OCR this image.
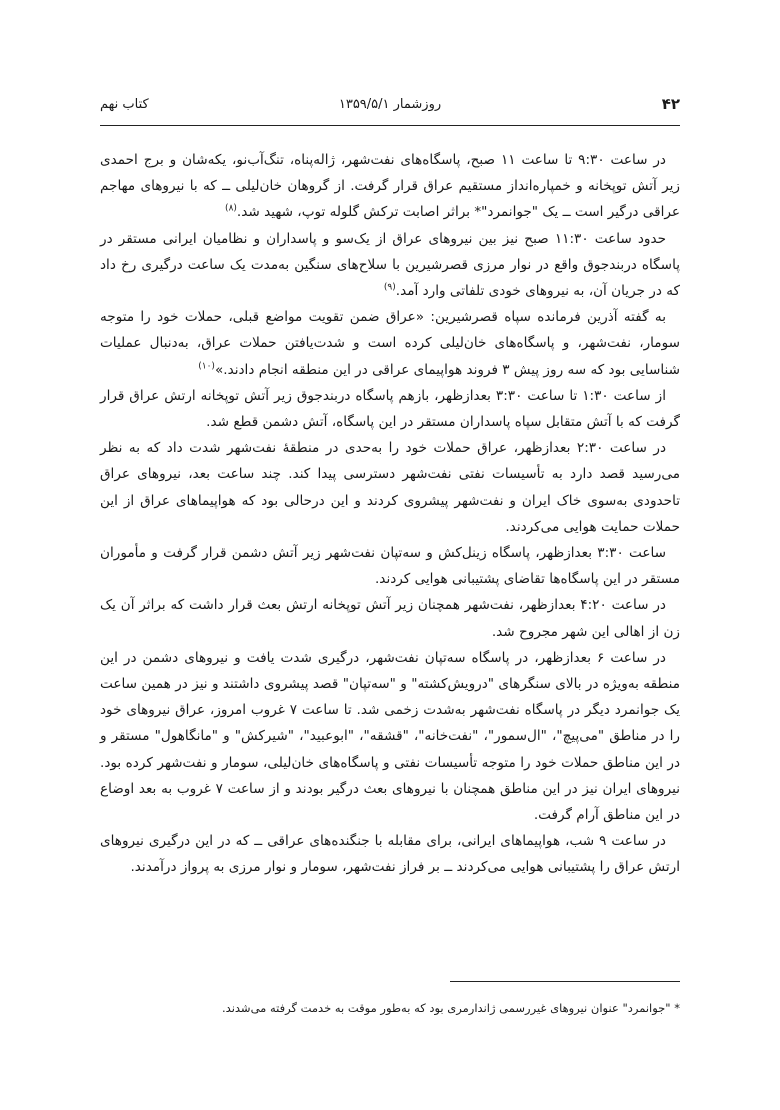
۴۲
روزشمار ۱۳۵۹/۵/۱
کتاب نهم

در ساعت ۹:۳۰ تا ساعت ۱۱ صبح، پاسگاه‌های نفت‌شهر، ژاله‌پناه، تنگ‌آب‌نو، یکه‌شان و برج احمدی زیر آتش توپخانه و خمپاره‌انداز مستقیم عراق قرار گرفت. از گروهان خان‌لیلی ــ که با نیروهای مهاجم عراقی درگیر است ــ یک "جوانمرد"* براثر اصابت ترکش گلوله توپ، شهید شد.$^{(۸)}$

حدود ساعت ۱۱:۳۰ صبح نیز بین نیروهای عراق از یک‌سو و پاسداران و نظامیان ایرانی مستقر در پاسگاه دربندجوق واقع در نوار مرزی قصرشیرین با سلاح‌های سنگین به‌مدت یک ساعت درگیری رخ داد که در جریان آن، به نیروهای خودی تلفاتی وارد آمد.$^{(۹)}$

به گفته آذرین فرمانده سپاه قصرشیرین: «عراق ضمن تقویت مواضع قبلی، حملات خود را متوجه سومار، نفت‌شهر، و پاسگاه‌های خان‌لیلی کرده است و شدت‌یافتن حملات عراق، به‌دنبال عملیات شناسایی بود که سه روز پیش ۳ فروند هواپیمای عراقی در این منطقه انجام دادند.»$^{(۱۰)}$

از ساعت ۱:۳۰ تا ساعت ۳:۳۰ بعدازظهر، بازهم پاسگاه دربندجوق زیر آتش توپخانه ارتش عراق قرار گرفت که با آتش متقابل سپاه پاسداران مستقر در این پاسگاه، آتش دشمن قطع شد.

در ساعت ۲:۳۰ بعدازظهر، عراق حملات خود را به‌حدی در منطقهٔ نفت‌شهر شدت داد که به نظر می‌رسید قصد دارد به تأسیسات نفتی نفت‌شهر دسترسی پیدا کند. چند ساعت بعد، نیروهای عراق تاحدودی به‌سوی خاک ایران و نفت‌شهر پیشروی کردند و این درحالی بود که هواپیماهای عراق از این حملات حمایت هوایی می‌کردند.

ساعت ۳:۳۰ بعدازظهر، پاسگاه زینل‌کش و سه‌تپان نفت‌شهر زیر آتش دشمن قرار گرفت و مأموران مستقر در این پاسگاه‌ها تقاضای پشتیبانی هوایی کردند.

در ساعت ۴:۲۰ بعدازظهر، نفت‌شهر همچنان زیر آتش توپخانه ارتش بعث قرار داشت که براثر آن یک زن از اهالی این شهر مجروح شد.

در ساعت ۶ بعدازظهر، در پاسگاه سه‌تپان نفت‌شهر، درگیری شدت یافت و نیروهای دشمن در این منطقه به‌ویژه در بالای سنگرهای "درویش‌کشته" و "سه‌تپان" قصد پیشروی داشتند و نیز در همین ساعت یک جوانمرد دیگر در پاسگاه نفت‌شهر به‌شدت زخمی شد. تا ساعت ۷ غروب امروز، عراق نیروهای خود را در مناطق "می‌پیچ"، "ال‌سمور"، "نفت‌خانه"، "قشقه"، "ابوعبید"، "شیرکش" و "مانگاهول" مستقر و در این مناطق حملات خود را متوجه تأسیسات نفتی و پاسگاه‌های خان‌لیلی، سومار و نفت‌شهر کرده بود. نیروهای ایران نیز در این مناطق همچنان با نیروهای بعث درگیر بودند و از ساعت ۷ غروب به بعد اوضاع در این مناطق آرام گرفت.

در ساعت ۹ شب، هواپیماهای ایرانی، برای مقابله با جنگنده‌های عراقی ــ که در این درگیری نیروهای ارتش عراق را پشتیبانی هوایی می‌کردند ــ بر فراز نفت‌شهر، سومار و نوار مرزی به پرواز درآمدند.

* "جوانمرد" عنوان نیروهای غیررسمی ژاندارمری بود که به‌طور موقت به خدمت گرفته می‌شدند.
